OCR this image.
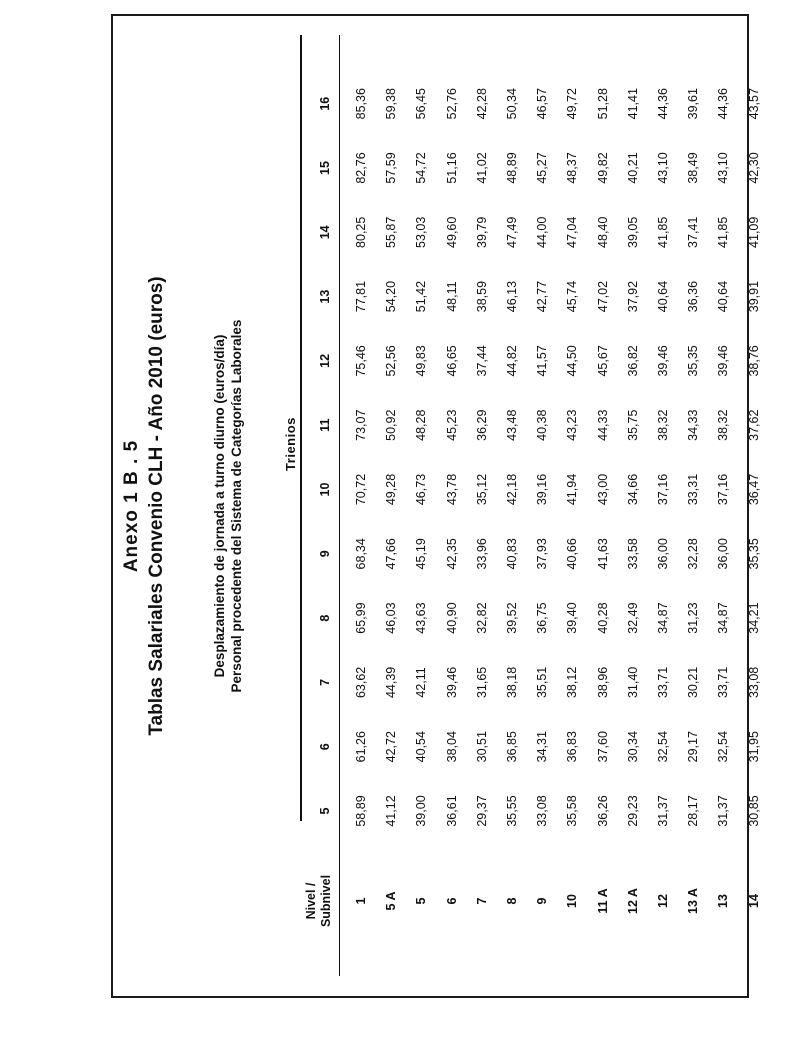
Anexo 1 B . 5 Tablas Salariales Convenio CLH - Año 2010 (euros)	Desplazamiento de jornada a turno diurno (euros/día) Personal procedente del Sistema de Categorías Laborales
Nivel / Subnivel
Trienios
5
6
7
8
9
10
11
12
13
14
15
16
1
58,89
61,26
63,62
65,99
68,34
70,72
73,07
75,46
77,81
80,25
82,76
85,36
5 A
41,12
42,72
44,39
46,03
47,66
49,28
50,92
52,56
54,20
55,87
57,59
59,38
5
39,00
40,54
42,11
43,63
45,19
46,73
48,28
49,83
51,42
53,03
54,72
56,45
6
36,61
38,04
39,46
40,90
42,35
43,78
45,23
46,65
48,11
49,60
51,16
52,76
7
29,37
30,51
31,65
32,82
33,96
35,12
36,29
37,44
38,59
39,79
41,02
42,28
8
35,55
36,85
38,18
39,52
40,83
42,18
43,48
44,82
46,13
47,49
48,89
50,34
9
33,08
34,31
35,51
36,75
37,93
39,16
40,38
41,57
42,77
44,00
45,27
46,57
10
35,58
36,83
38,12
39,40
40,66
41,94
43,23
44,50
45,74
47,04
48,37
49,72
11 A
36,26
37,60
38,96
40,28
41,63
43,00
44,33
45,67
47,02
48,40
49,82
51,28
12 A
29,23
30,34
31,40
32,49
33,58
34,66
35,75
36,82
37,92
39,05
40,21
41,41
12
31,37
32,54
33,71
34,87
36,00
37,16
38,32
39,46
40,64
41,85
43,10
44,36
13 A
28,17
29,17
30,21
31,23
32,28
33,31
34,33
35,35
36,36
37,41
38,49
39,61
13
31,37
32,54
33,71
34,87
36,00
37,16
38,32
39,46
40,64
41,85
43,10
44,36
14
30,85
31,95
33,08
34,21
35,35
36,47
37,62
38,76
39,91
41,09
42,30
43,57
